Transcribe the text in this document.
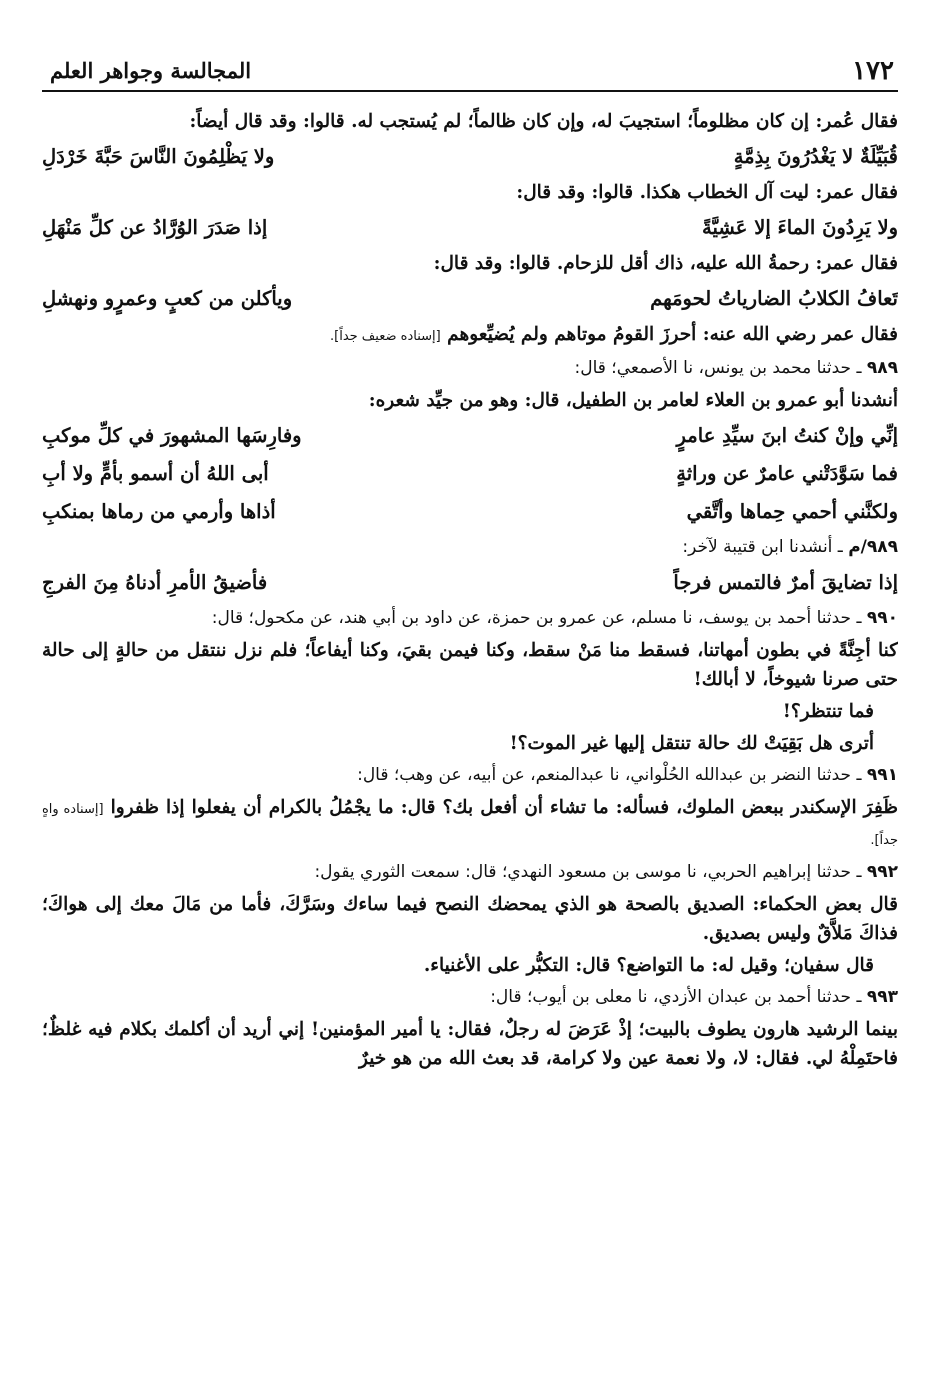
١٧٢
المجالسة وجواهر العلم
فقال عُمر: إن كان مظلوماً؛ استجيبَ له، وإن كان ظالماً؛ لم يُستجب له. قالوا: وقد قال أيضاً:
قُبَيِّلَةٌ لا يَغْدُرُونَ بِذِمَّةٍ
ولا يَظْلِمُونَ النَّاسَ حَبَّةَ خَرْدَلِ
فقال عمر: ليت آل الخطاب هكذا. قالوا: وقد قال:
ولا يَرِدُونَ الماءَ إلا عَشِيَّةً
إذا صَدَرَ الوُرَّادُ عن كلِّ مَنْهَلِ
فقال عمر: رحمةُ الله عليه، ذاك أقل للزحام. قالوا: وقد قال:
تَعافُ الكلابُ الضارياتُ لحومَهم
ويأكلن من كعبٍ وعمرٍو ونهشلِ
فقال عمر رضي الله عنه: أحرزَ القومُ موتاهم ولم يُضيِّعوهم [إسناده ضعيف جداً].
٩٨٩ ـ حدثنا محمد بن يونس، نا الأصمعي؛ قال:
أنشدنا أبو عمرو بن العلاء لعامر بن الطفيل، قال: وهو من جيِّد شعره:
إنِّي وإنْ كنتُ ابنَ سيِّدِ عامرٍ
وفارِسَها المشهورَ في كلِّ موكبِ
فما سَوَّدَتْني عامرٌ عن وراثةٍ
أبى اللهُ أن أسمو بأمٍّ ولا أبِ
ولكنَّني أحمي حِماها وأتَّقي
أذاها وأرمي من رماها بمنكبِ
٩٨٩/م ـ أنشدنا ابن قتيبة لآخر:
إذا تضايقَ أمرٌ فالتمس فرجاً
فأضيقُ الأمرِ أدناهُ مِنَ الفرجِ
٩٩٠ ـ حدثنا أحمد بن يوسف، نا مسلم، عن عمرو بن حمزة، عن داود بن أبي هند، عن مكحول؛ قال:
كنا أجِنَّةً في بطون أمهاتنا، فسقط منا مَنْ سقط، وكنا فيمن بقيَ، وكنا أيفاعاً؛ فلم نزل ننتقل من حالةٍ إلى حالة حتى صرنا شيوخاً، لا أبالك!
فما تنتظر؟!
أترى هل بَقِيَتْ لك حالة تنتقل إليها غير الموت؟!
٩٩١ ـ حدثنا النضر بن عبدالله الحُلْواني، نا عبدالمنعم، عن أبيه، عن وهب؛ قال:
ظَفِرَ الإسكندر ببعض الملوك، فسأله: ما تشاء أن أفعل بك؟ قال: ما يجْمُلُ بالكرام أن يفعلوا إذا ظفروا [إسناده واهٍ جداً].
٩٩٢ ـ حدثنا إبراهيم الحربي، نا موسى بن مسعود النهدي؛ قال: سمعت الثوري يقول:
قال بعض الحكماء: الصديق بالصحة هو الذي يمحضك النصح فيما ساءك وسَرَّكَ، فأما من مَالَ معك إلى هواكَ؛ فذاكَ مَلاَّقٌ وليس بصديق.
قال سفيان؛ وقيل له: ما التواضع؟ قال: التكبُّر على الأغنياء.
٩٩٣ ـ حدثنا أحمد بن عبدان الأزدي، نا معلى بن أيوب؛ قال:
بينما الرشيد هارون يطوف بالبيت؛ إذْ عَرَضَ له رجلٌ، فقال: يا أمير المؤمنين! إني أريد أن أكلمك بكلام فيه غلظٌ؛ فاحتَمِلْهُ لي. فقال: لا، ولا نعمة عين ولا كرامة، قد بعث الله من هو خيرٌ
